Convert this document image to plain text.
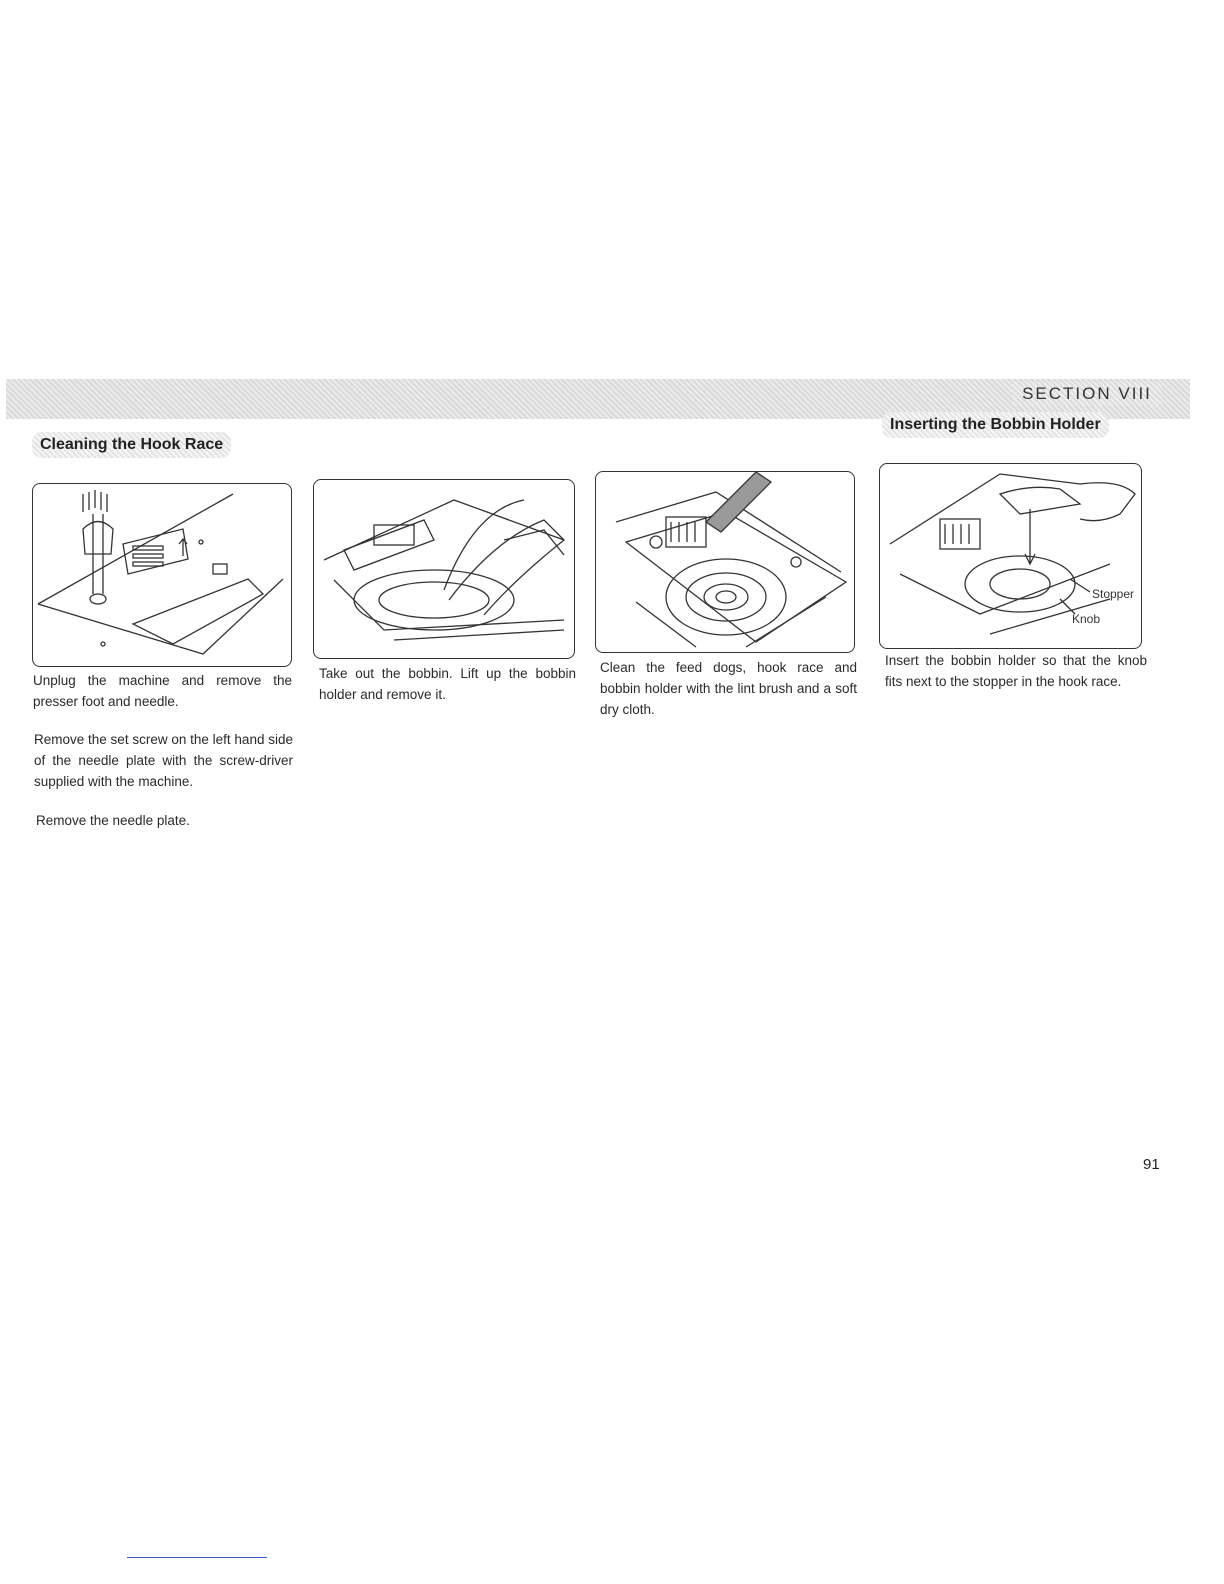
SECTION VIII
Cleaning the Hook Race
Inserting the Bobbin Holder
Stopper
Knob

Unplug the machine and remove the presser foot and needle.

Remove the set screw on the left hand side of the needle plate with the screw-driver supplied with the machine.

Remove the needle plate.

Take out the bobbin. Lift up the bobbin holder and remove it.

Clean the feed dogs, hook race and bobbin holder with the lint brush and a soft dry cloth.

Insert the bobbin holder so that the knob fits next to the stopper in the hook race.

91
